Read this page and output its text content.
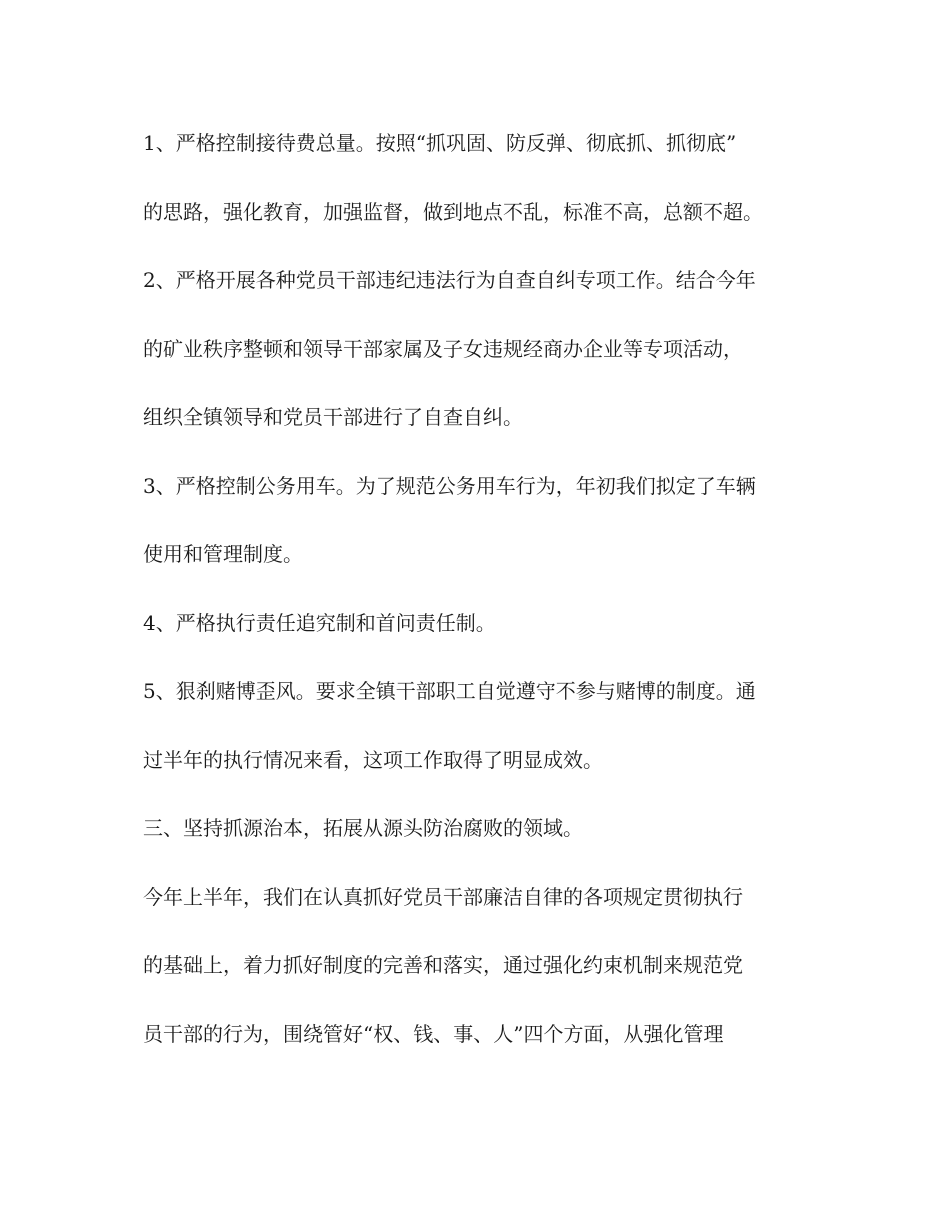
1、严格控制接待费总量。按照“抓巩固、防反弹、彻底抓、抓彻底”
的思路，强化教育，加强监督，做到地点不乱，标准不高，总额不超。
2、严格开展各种党员干部违纪违法行为自查自纠专项工作。结合今年
的矿业秩序整顿和领导干部家属及子女违规经商办企业等专项活动，
组织全镇领导和党员干部进行了自查自纠。
3、严格控制公务用车。为了规范公务用车行为，年初我们拟定了车辆
使用和管理制度。
4、严格执行责任追究制和首问责任制。
5、狠刹赌博歪风。要求全镇干部职工自觉遵守不参与赌博的制度。通
过半年的执行情况来看，这项工作取得了明显成效。
三、坚持抓源治本，拓展从源头防治腐败的领域。
今年上半年，我们在认真抓好党员干部廉洁自律的各项规定贯彻执行
的基础上，着力抓好制度的完善和落实，通过强化约束机制来规范党
员干部的行为，围绕管好“权、钱、事、人”四个方面，从强化管理
